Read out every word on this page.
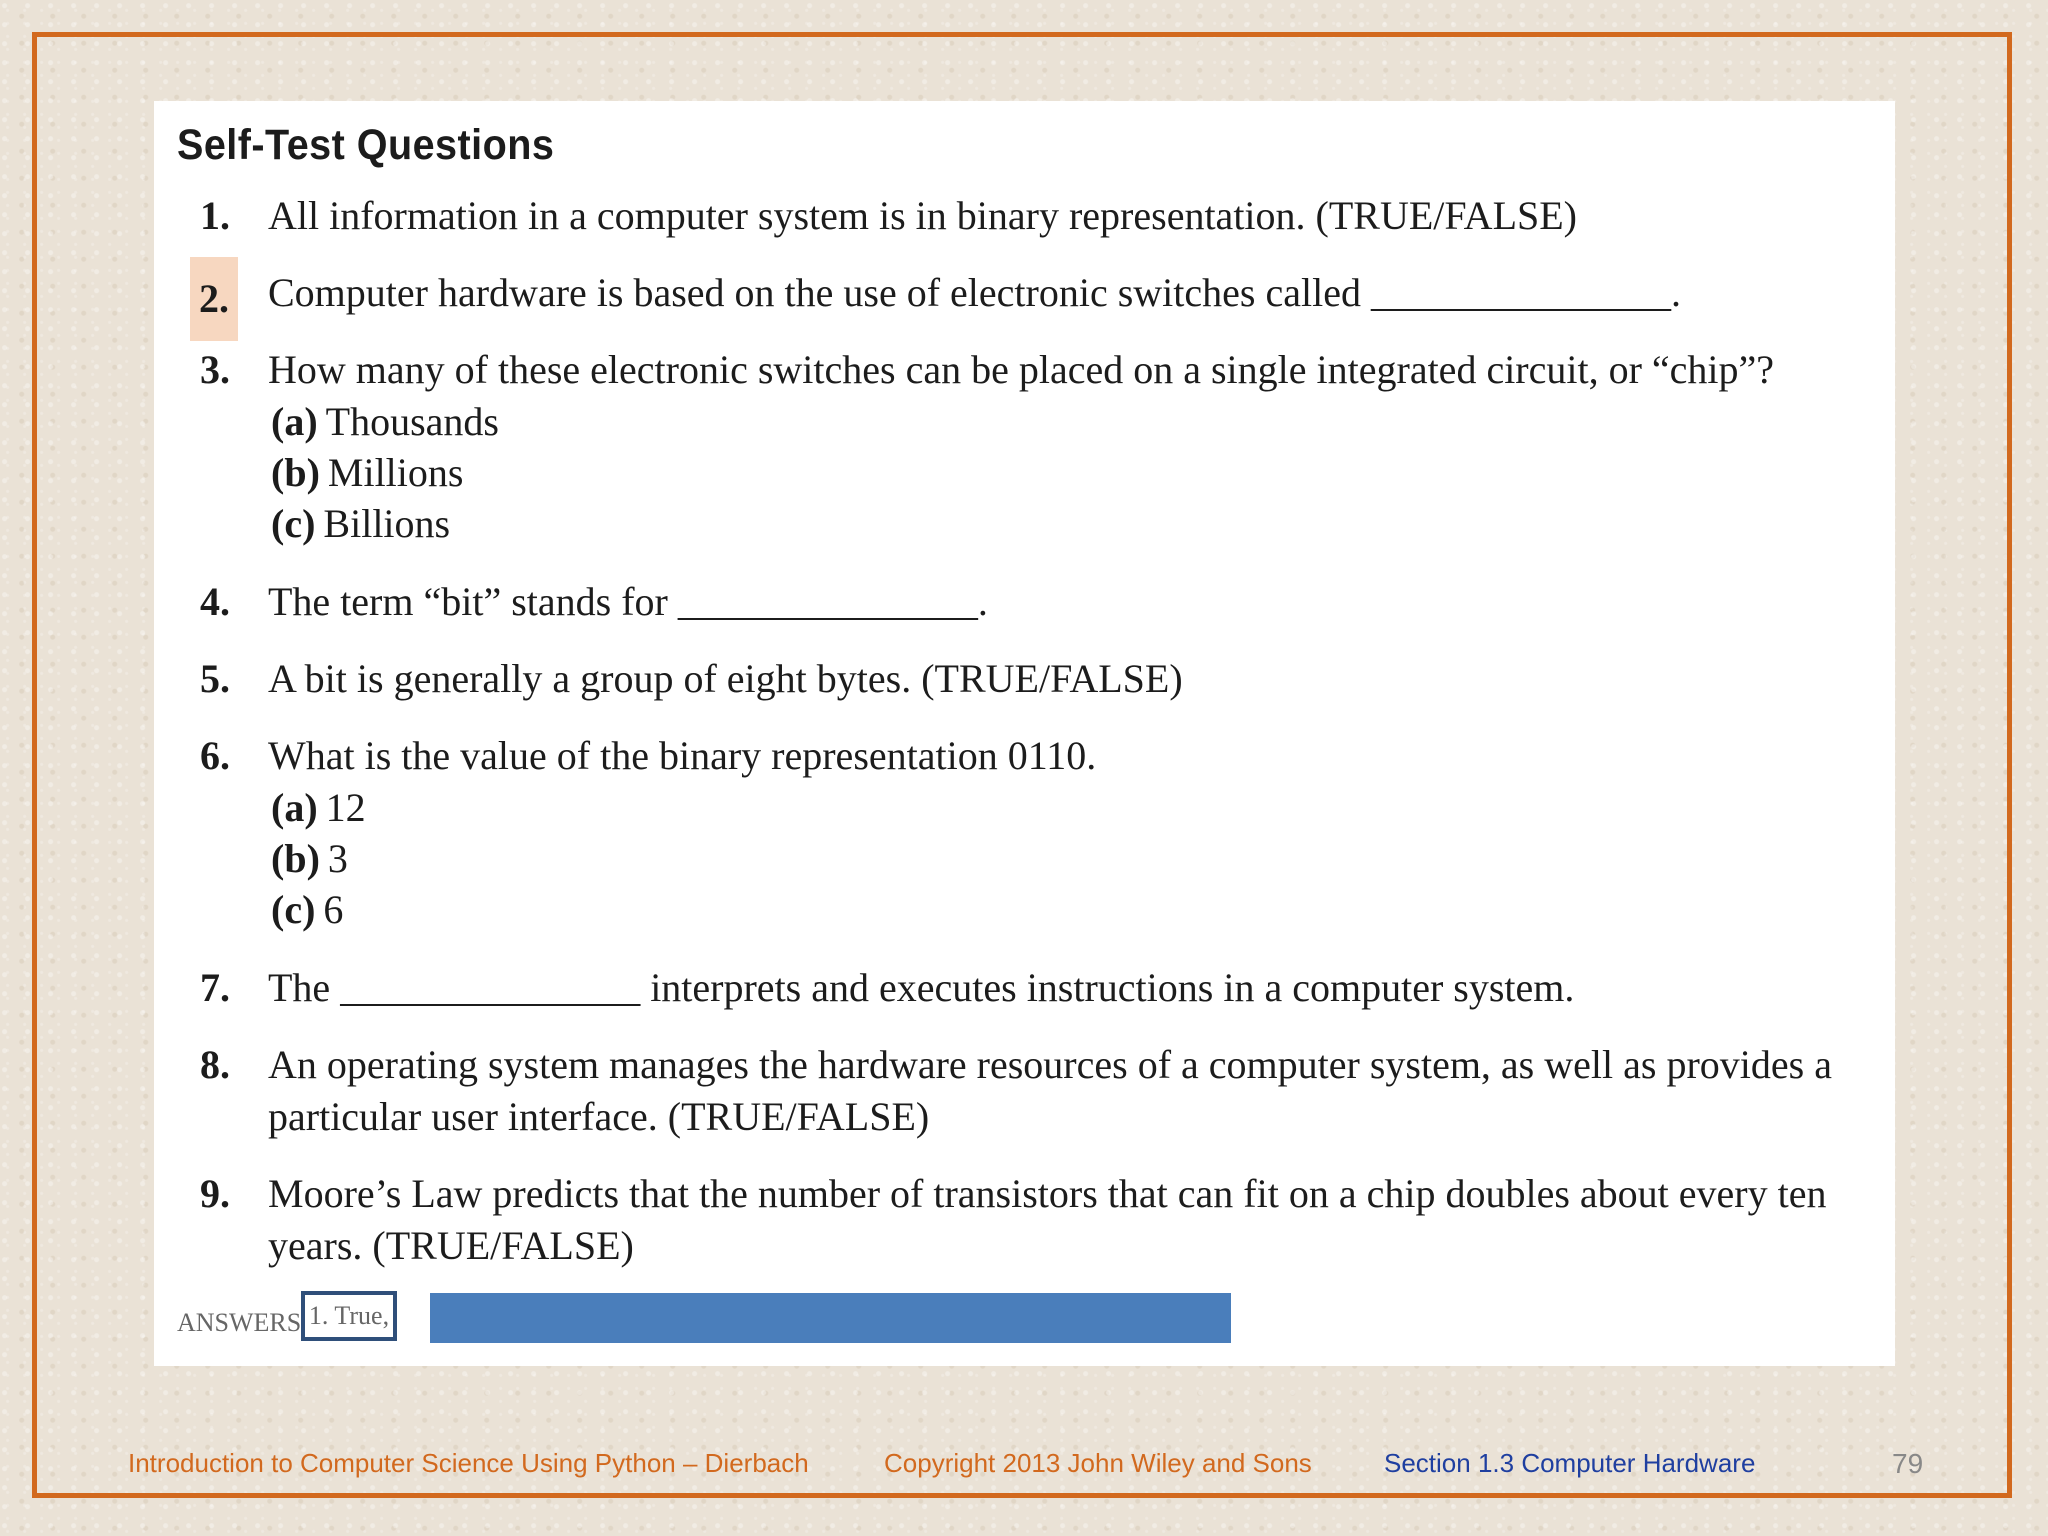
Self-Test Questions
1. All information in a computer system is in binary representation. (TRUE/FALSE)
2. Computer hardware is based on the use of electronic switches called _______________.
3. How many of these electronic switches can be placed on a single integrated circuit, or “chip”?
(a) Thousands
(b) Millions
(c) Billions
4. The term “bit” stands for _______________.
5. A bit is generally a group of eight bytes. (TRUE/FALSE)
6. What is the value of the binary representation 0110.
(a) 12
(b) 3
(c) 6
7. The _______________ interprets and executes instructions in a computer system.
8. An operating system manages the hardware resources of a computer system, as well as provides a particular user interface. (TRUE/FALSE)
9. Moore’s Law predicts that the number of transistors that can fit on a chip doubles about every ten years. (TRUE/FALSE)
ANSWERS 1. True,
Introduction to Computer Science Using Python – Dierbach	Copyright 2013 John Wiley and Sons	Section 1.3 Computer Hardware	79
